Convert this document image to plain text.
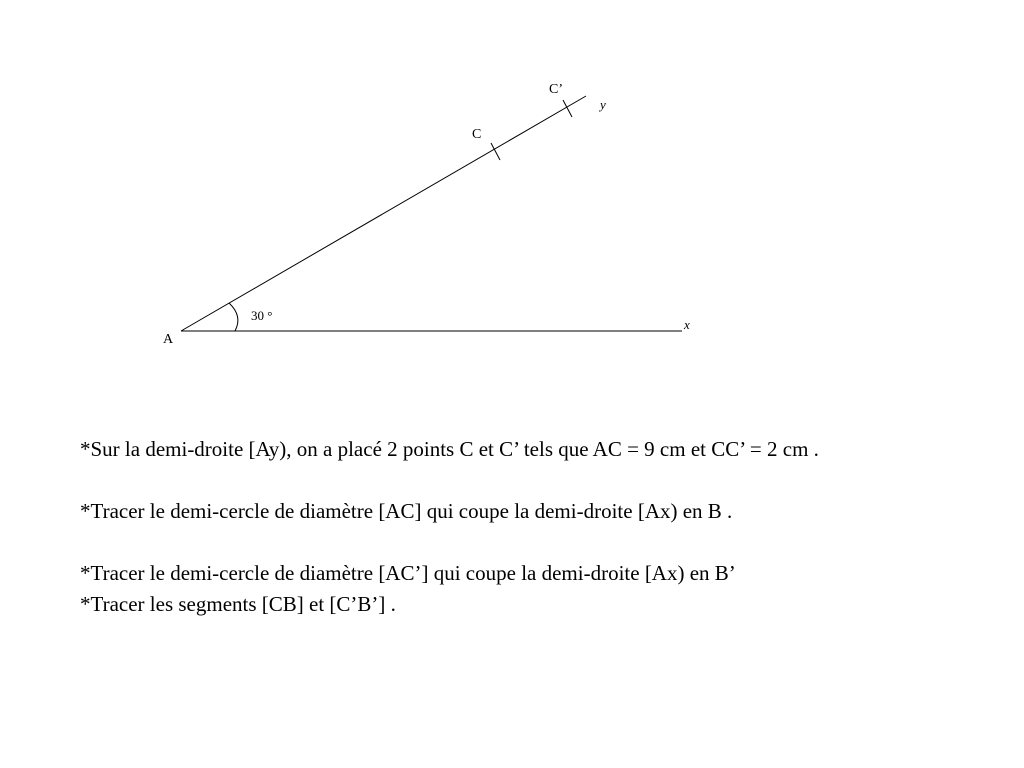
A
C
C’
y
x
30 °

*Sur la demi-droite [Ay), on a placé 2 points C et C’ tels que AC = 9 cm et CC’ = 2 cm .

*Tracer le demi-cercle de diamètre [AC] qui coupe la demi-droite [Ax) en B .

*Tracer le demi-cercle de diamètre [AC’] qui coupe la demi-droite [Ax) en B’

*Tracer les segments [CB] et [C’B’] .
